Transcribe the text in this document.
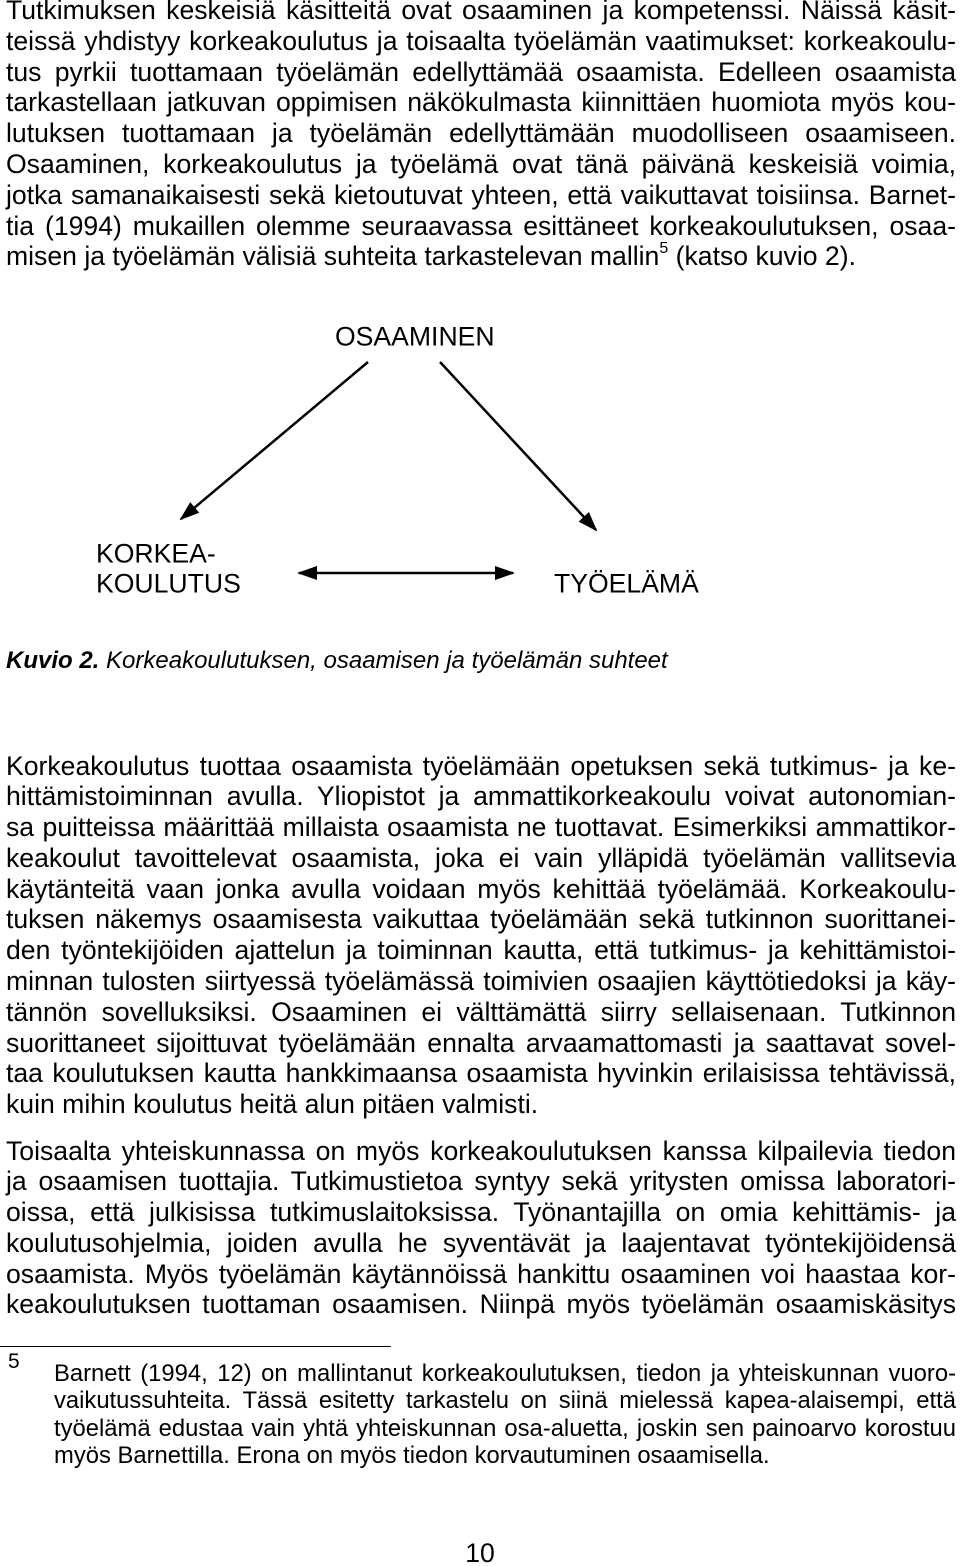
Tutkimuksen keskeisiä käsitteitä ovat osaaminen ja kompetenssi. Näissä käsit-
teissä yhdistyy korkeakoulutus ja toisaalta työelämän vaatimukset: korkeakoulu-
tus pyrkii tuottamaan työelämän edellyttämää osaamista. Edelleen osaamista
tarkastellaan jatkuvan oppimisen näkökulmasta kiinnittäen huomiota myös kou-
lutuksen tuottamaan ja työelämän edellyttämään muodolliseen osaamiseen.
Osaaminen, korkeakoulutus ja työelämä ovat tänä päivänä keskeisiä voimia,
jotka samanaikaisesti sekä kietoutuvat yhteen, että vaikuttavat toisiinsa. Barnet-
tia (1994) mukaillen olemme seuraavassa esittäneet korkeakoulutuksen, osaa-
misen ja työelämän välisiä suhteita tarkastelevan mallin$^5$ (katso kuvio 2).
OSAAMINEN
KORKEA-
KOULUTUS	TYÖELÄMÄ
Kuvio 2. Korkeakoulutuksen, osaamisen ja työelämän suhteet
Korkeakoulutus tuottaa osaamista työelämään opetuksen sekä tutkimus- ja ke-
hittämistoiminnan avulla. Yliopistot ja ammattikorkeakoulu voivat autonomian-
sa puitteissa määrittää millaista osaamista ne tuottavat. Esimerkiksi ammattikor-
keakoulut tavoittelevat osaamista, joka ei vain ylläpidä työelämän vallitsevia
käytänteitä vaan jonka avulla voidaan myös kehittää työelämää. Korkeakoulu-
tuksen näkemys osaamisesta vaikuttaa työelämään sekä tutkinnon suorittanei-
den työntekijöiden ajattelun ja toiminnan kautta, että tutkimus- ja kehittämistoi-
minnan tulosten siirtyessä työelämässä toimivien osaajien käyttötiedoksi ja käy-
tännön sovelluksiksi. Osaaminen ei välttämättä siirry sellaisenaan. Tutkinnon
suorittaneet sijoittuvat työelämään ennalta arvaamattomasti ja saattavat sovel-
taa koulutuksen kautta hankkimaansa osaamista hyvinkin erilaisissa tehtävissä,
kuin mihin koulutus heitä alun pitäen valmisti.
Toisaalta yhteiskunnassa on myös korkeakoulutuksen kanssa kilpailevia tiedon
ja osaamisen tuottajia. Tutkimustietoa syntyy sekä yritysten omissa laboratori-
oissa, että julkisissa tutkimuslaitoksissa. Työnantajilla on omia kehittämis- ja
koulutusohjelmia, joiden avulla he syventävät ja laajentavat työntekijöidensä
osaamista. Myös työelämän käytännöissä hankittu osaaminen voi haastaa kor-
keakoulutuksen tuottaman osaamisen. Niinpä myös työelämän osaamiskäsitys
5 Barnett (1994, 12) on mallintanut korkeakoulutuksen, tiedon ja yhteiskunnan vuoro-
vaikutussuhteita. Tässä esitetty tarkastelu on siinä mielessä kapea-alaisempi, että
työelämä edustaa vain yhtä yhteiskunnan osa-aluetta, joskin sen painoarvo korostuu
myös Barnettilla. Erona on myös tiedon korvautuminen osaamisella.
10
